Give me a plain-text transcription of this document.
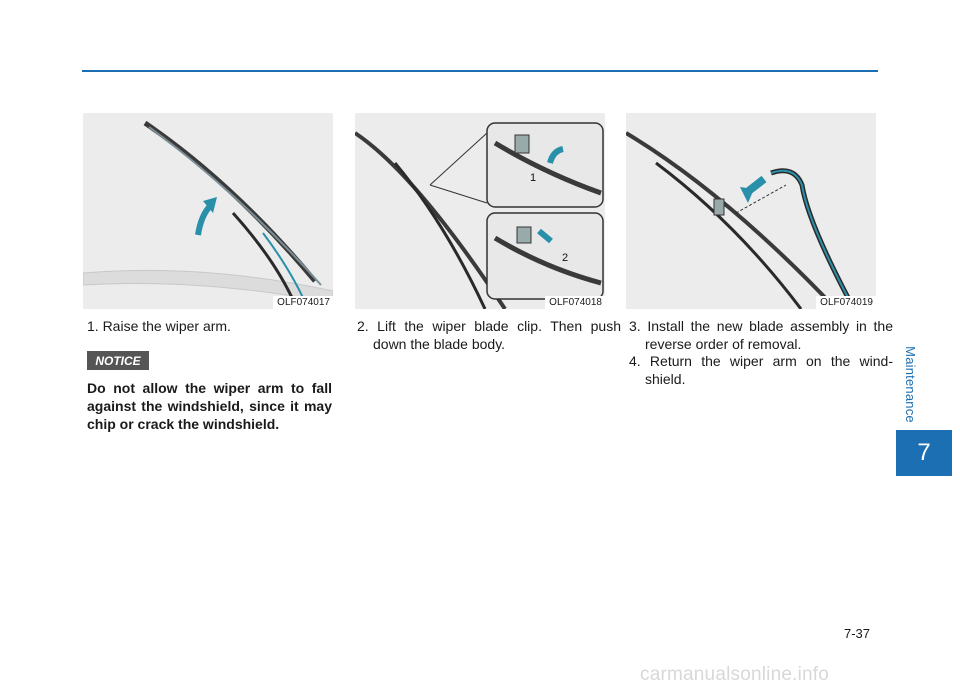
Maintenance
7
OLF074017
1
2
OLF074018	OLF074019
1. Raise the wiper arm.
NOTICE
Do not allow the wiper arm to fall against the windshield, since it may chip or crack the windshield.
2. Lift the wiper blade clip. Then push down the blade body.
3. Install the new blade assembly in the reverse order of removal.
4. Return the wiper arm on the wind-shield.
7-37
carmanualsonline.info
